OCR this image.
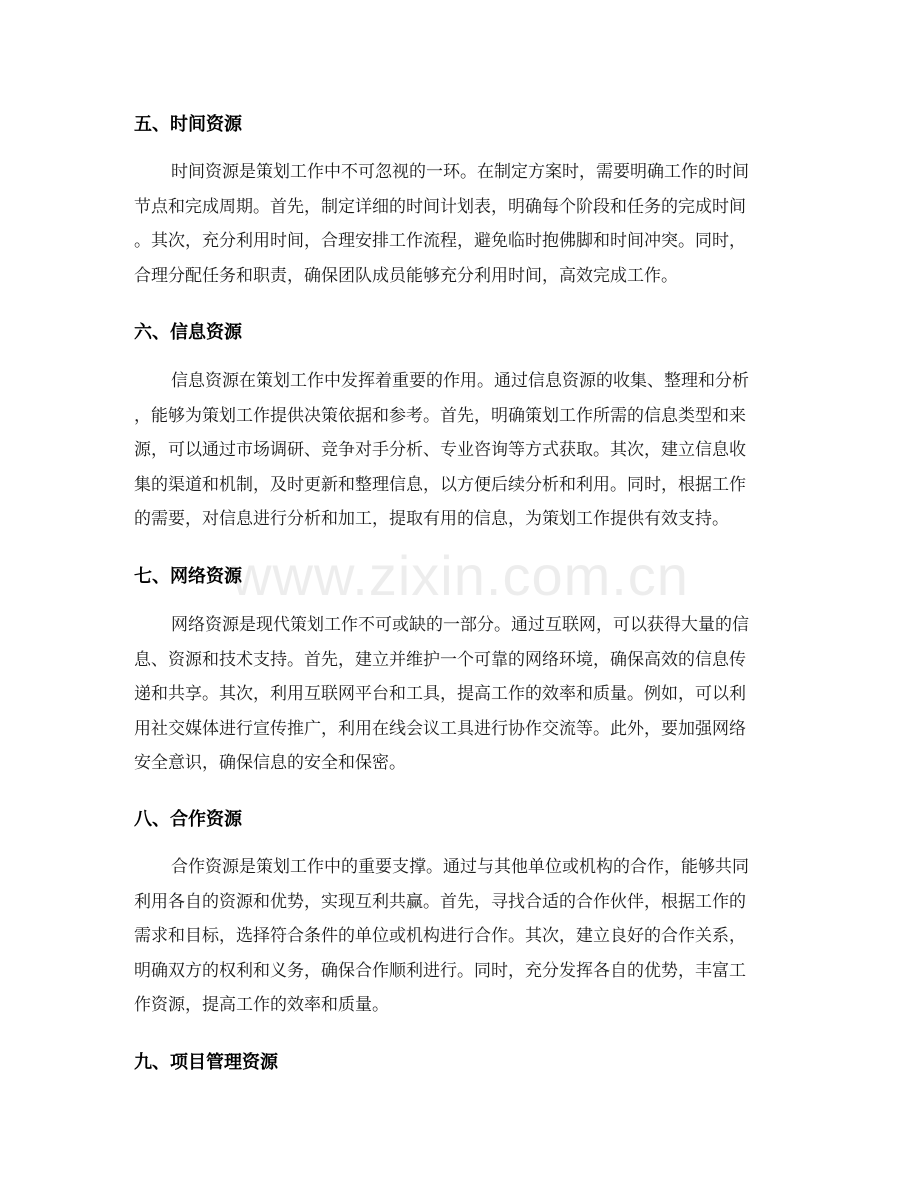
www.zixin.com.cn
五、时间资源
时间资源是策划工作中不可忽视的一环。在制定方案时，需要明确工作的时间
节点和完成周期。首先，制定详细的时间计划表，明确每个阶段和任务的完成时间
。其次，充分利用时间，合理安排工作流程，避免临时抱佛脚和时间冲突。同时，
合理分配任务和职责，确保团队成员能够充分利用时间，高效完成工作。
六、信息资源
信息资源在策划工作中发挥着重要的作用。通过信息资源的收集、整理和分析
，能够为策划工作提供决策依据和参考。首先，明确策划工作所需的信息类型和来
源，可以通过市场调研、竞争对手分析、专业咨询等方式获取。其次，建立信息收
集的渠道和机制，及时更新和整理信息，以方便后续分析和利用。同时，根据工作
的需要，对信息进行分析和加工，提取有用的信息，为策划工作提供有效支持。
七、网络资源
网络资源是现代策划工作不可或缺的一部分。通过互联网，可以获得大量的信
息、资源和技术支持。首先，建立并维护一个可靠的网络环境，确保高效的信息传
递和共享。其次，利用互联网平台和工具，提高工作的效率和质量。例如，可以利
用社交媒体进行宣传推广，利用在线会议工具进行协作交流等。此外，要加强网络
安全意识，确保信息的安全和保密。
八、合作资源
合作资源是策划工作中的重要支撑。通过与其他单位或机构的合作，能够共同
利用各自的资源和优势，实现互利共赢。首先，寻找合适的合作伙伴，根据工作的
需求和目标，选择符合条件的单位或机构进行合作。其次，建立良好的合作关系，
明确双方的权利和义务，确保合作顺利进行。同时，充分发挥各自的优势，丰富工
作资源，提高工作的效率和质量。
九、项目管理资源
